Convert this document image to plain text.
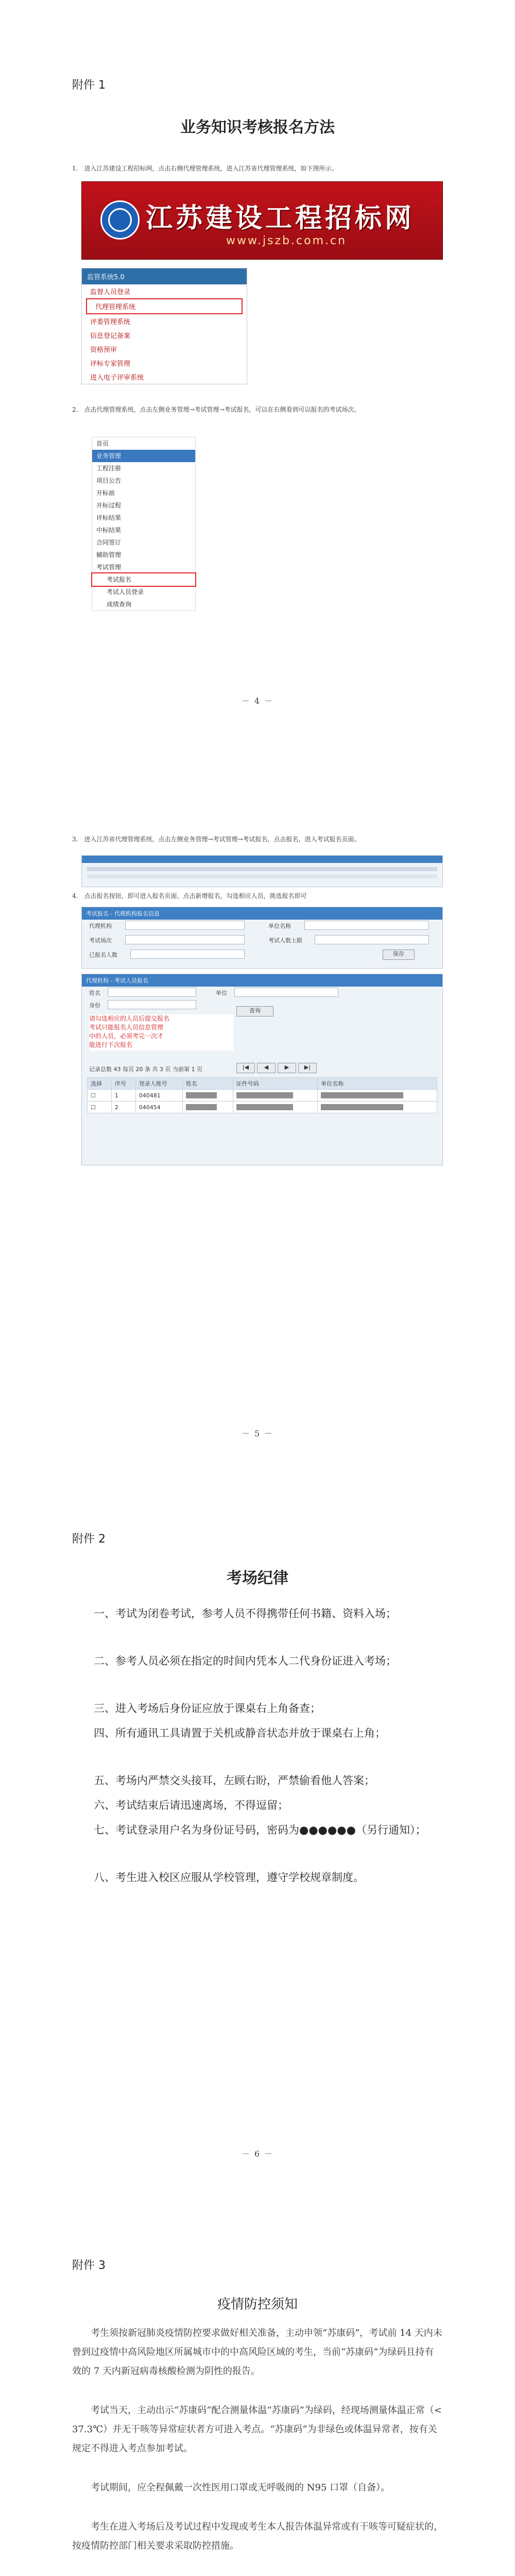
附件 1
业务知识考核报名方法
1.　进入江苏建设工程招标网，点击右侧代理管理系统，进入江苏省代理管理系统，如下图所示。
江苏建设工程招标网
www.jszb.com.cn
监管系统5.0
监督人员登录
代理管理系统
评委管理系统
信息登记备案
资格预审
评标专家管理
进入电子评审系统
2.　点击代理管理系统，点击左侧业务管理→考试管理→考试报名，可以在右侧看到可以报名的考试场次。
首页
业务管理
工程注册
项目公告
开标前
开标过程
评标结果
中标结果
合同签订
辅助管理
考试管理
考试报名
考试人员登录
成绩查询
－ 4 －
3.　进入江苏省代理管理系统，点击左侧业务管理→考试管理→考试报名，点击报名，进入考试报名页面。
4.　点击报名按钮，即可进入报名页面，点击新增报名，勾选相应人员，挑选报名即可
考试报名 - 代理机构报名信息
代理机构	单位名称
考试场次	考试人数上限
已报名人数	保存
代理机构 - 考试人员报名
姓名	单位
身份
查询
请勾选相应的人员后提交报名
考试只能报名人员信息管理
中的人员，必须考完一次才
能进行下次报名
记录总数 43 每页 20 条 共 3 页 当前第 1 页	|◀	◀	▶	▶|
选择	序号	登录人账号	姓名	证件号码	单位名称
☐	1	040481	

☐	2	040454	

－ 5 －
附件 2
考场纪律
一、考试为闭卷考试，参考人员不得携带任何书籍、资料入场；
二、参考人员必须在指定的时间内凭本人二代身份证进入考场；
三、进入考场后身份证应放于课桌右上角备查；
四、所有通讯工具请置于关机或静音状态并放于课桌右上角；
五、考场内严禁交头接耳，左顾右盼，严禁偷看他人答案；
六、考试结束后请迅速离场，不得逗留；
七、考试登录用户名为身份证号码，密码为●●●●●●（另行通知）；
八、考生进入校区应服从学校管理，遵守学校规章制度。
－ 6 －
附件 3
疫情防控须知
考生须按新冠肺炎疫情防控要求做好相关准备，主动申领“苏康码”，考试前 14 天内未曾到过疫情中高风险地区所属城市中的中高风险区域的考生，当前“苏康码”为绿码且持有效的 7 天内新冠病毒核酸检测为阴性的报告。
考试当天，主动出示“苏康码”配合测量体温“苏康码”为绿码，经现场测量体温正常（< 37.3℃）并无干咳等异常症状者方可进入考点。“苏康码”为非绿色或体温异常者，按有关规定不得进入考点参加考试。
考试期间，应全程佩戴一次性医用口罩或无呼吸阀的 N95 口罩（自备）。
考生在进入考场后及考试过程中发现或考生本人报告体温异常或有干咳等可疑症状的，按疫情防控部门相关要求采取防控措施。
